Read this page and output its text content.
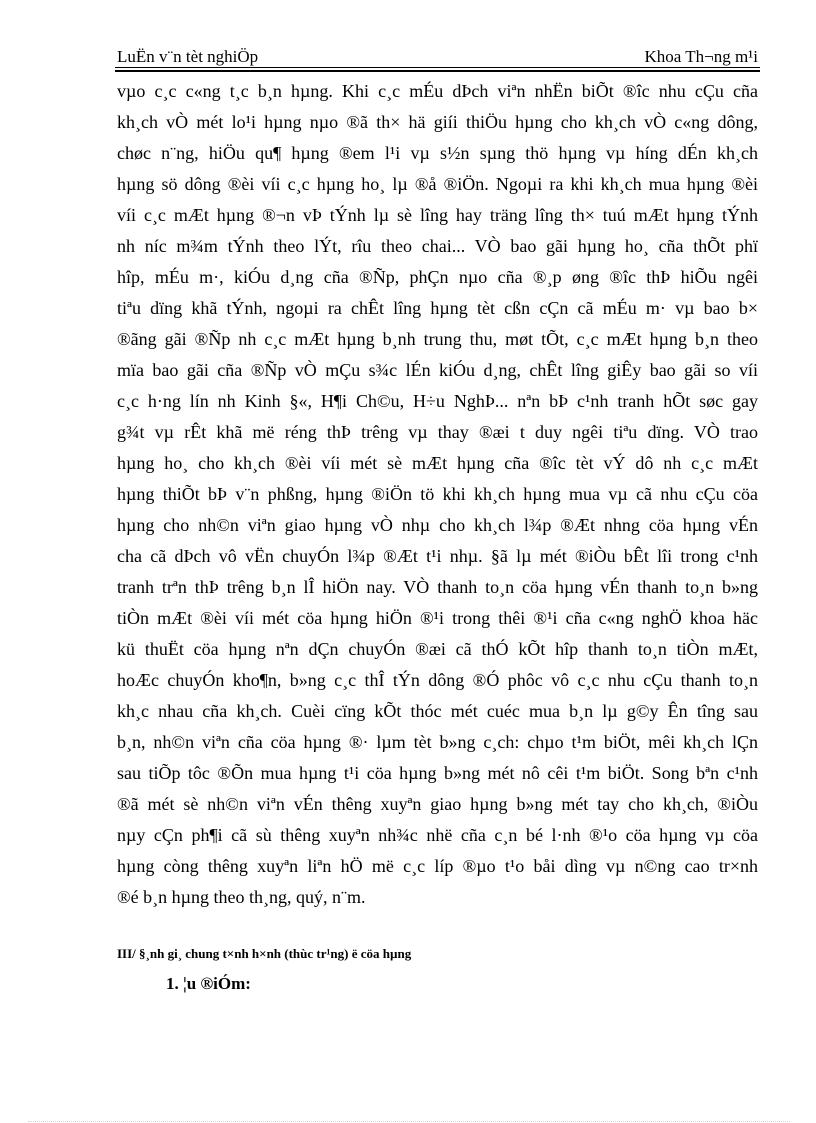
LuËn v¨n tèt nghiÖp	Khoa Th¬ng m¹i
vµo c¸c c«ng t¸c b¸n hµng. Khi c¸c mÉu dÞch viªn nhËn biÕt ®îc nhu cÇu cña
kh¸ch vÒ mét lo¹i hµng nµo ®ã th× hä giíi thiÖu hµng cho kh¸ch vÒ c«ng dông,
chøc n¨ng, hiÖu qu¶ hµng ®em l¹i vµ s½n sµng thö hµng vµ híng dÉn kh¸ch
hµng sö dông ®èi víi c¸c hµng ho¸ lµ ®å ®iÖn. Ngoµi ra khi kh¸ch mua hµng ®èi
víi c¸c mÆt hµng ®¬n vÞ tÝnh lµ sè lîng hay träng lîng th× tuú mÆt hµng tÝnh
nh níc m¾m tÝnh theo lÝt, rîu theo chai... VÒ bao gãi hµng ho¸ cña thÕt phï
hîp, mÉu m·, kiÓu d¸ng cña ®Ñp, phÇn nµo cña ®¸p øng ®îc thÞ hiÕu ngêi
tiªu dïng khã tÝnh, ngoµi ra chÊt lîng hµng tèt cßn cÇn cã mÉu m· vµ bao b×
®ãng gãi ®Ñp nh c¸c mÆt hµng b¸nh trung thu, møt tÕt, c¸c mÆt hµng b¸n theo
mïa bao gãi cña ®Ñp vÒ mÇu s¾c lÉn kiÓu d¸ng, chÊt lîng giÊy bao gãi so víi
c¸c h·ng lín nh Kinh §«, H¶i Ch©u, H÷u NghÞ... nªn bÞ c¹nh tranh hÕt søc gay
g¾t vµ rÊt khã më réng thÞ trêng vµ thay ®æi t duy ngêi tiªu dïng. VÒ trao
hµng ho¸ cho kh¸ch ®èi víi mét sè mÆt hµng cña ®îc tèt vÝ dô nh c¸c mÆt
hµng thiÕt bÞ v¨n phßng, hµng ®iÖn tö khi kh¸ch hµng mua vµ cã nhu cÇu cöa
hµng cho nh©n viªn giao hµng vÒ nhµ cho kh¸ch l¾p ®Æt nhng cöa hµng vÉn
cha cã dÞch vô vËn chuyÓn l¾p ®Æt t¹i nhµ. §ã lµ mét ®iÒu bÊt lîi trong c¹nh
tranh trªn thÞ trêng b¸n lÎ hiÖn nay. VÒ thanh to¸n cöa hµng vÉn thanh to¸n b»ng
tiÒn mÆt ®èi víi mét cöa hµng hiÖn ®¹i trong thêi ®¹i cña c«ng nghÖ khoa häc
kü thuËt cöa hµng nªn dÇn chuyÓn ®æi cã thÓ kÕt hîp thanh to¸n tiÒn mÆt,
hoÆc chuyÓn kho¶n, b»ng c¸c thÎ tÝn dông ®Ó phôc vô c¸c nhu cÇu thanh to¸n
kh¸c nhau cña kh¸ch. Cuèi cïng kÕt thóc mét cuéc mua b¸n lµ g©y Ên tîng sau
b¸n, nh©n viªn cña cöa hµng ®· lµm tèt b»ng c¸ch: chµo t¹m biÖt, mêi kh¸ch lÇn
sau tiÕp tôc ®Õn mua hµng t¹i cöa hµng b»ng mét nô cêi t¹m biÖt. Song bªn c¹nh
®ã mét sè nh©n viªn vÉn thêng xuyªn giao hµng b»ng mét tay cho kh¸ch, ®iÒu
nµy cÇn ph¶i cã sù thêng xuyªn nh¾c nhë cña c¸n bé l·nh ®¹o cöa hµng vµ cöa
hµng còng thêng xuyªn liªn hÖ më c¸c líp ®µo t¹o båi dìng vµ n©ng cao tr×nh
®é b¸n hµng theo th¸ng, quý, n¨m.
III/ §¸nh gi¸ chung t×nh h×nh (thùc tr¹ng) ë cöa hµng
1. ¦u ®iÓm:
